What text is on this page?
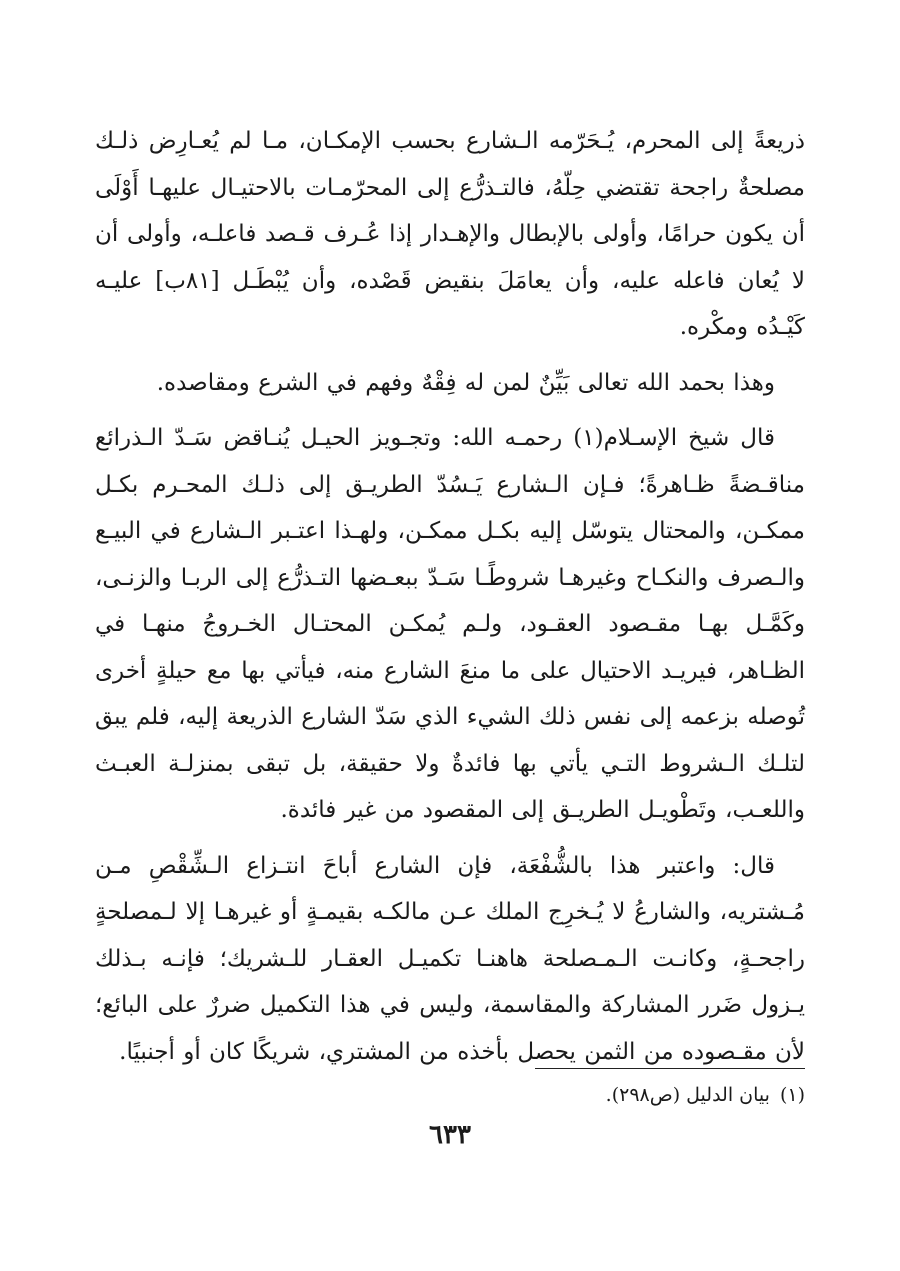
ذريعةً إلى المحرم، يُـحَرّمه الـشارع بحسب الإمكـان، مـا لم يُعـارِض ذلـك مصلحةٌ راجحة تقتضي حِلّهُ، فالتـذرُّع إلى المحرّمـات بالاحتيـال عليهـا أَوْلَى أن يكون حرامًا، وأولى بالإبطال والإهـدار إذا عُـرف قـصد فاعلـه، وأولى أن لا يُعان فاعله عليه، وأن يعامَلَ بنقيض قَصْده، وأن يُبْطَـل [٨١ب] عليـه كَيْـدُه ومكْره.

وهذا بحمد الله تعالى بَيِّنٌ لمن له فِقْهٌ وفهم في الشرع ومقاصده.

قال شيخ الإسـلام(١) رحمـه الله: وتجـويز الحيـل يُنـاقض سَـدّ الـذرائع مناقـضةً ظـاهرةً؛ فـإن الـشارع يَـسُدّ الطريـق إلى ذلـك المحـرم بكـل ممكـن، والمحتال يتوسّل إليه بكـل ممكـن، ولهـذا اعتـبر الـشارع في البيـع والـصرف والنكـاح وغيرهـا شروطًـا سَـدّ ببعـضها التـذرُّع إلى الربـا والزنـى، وكَمَّـل بهـا مقـصود العقـود، ولـم يُمكـن المحتـال الخـروجُ منهـا في الظـاهر، فيريـد الاحتيال على ما منعَ الشارع منه، فيأتي بها مع حيلةٍ أخرى تُوصله بزعمه إلى نفس ذلك الشيء الذي سَدّ الشارع الذريعة إليه، فلم يبق لتلـك الـشروط التـي يأتي بها فائدةٌ ولا حقيقة، بل تبقى بمنزلـة العبـث واللعـب، وتَطْويـل الطريـق إلى المقصود من غير فائدة.

قال: واعتبر هذا بالشُّفْعَة، فإن الشارع أباحَ انتـزاع الـشِّقْصِ مـن مُـشتريه، والشارعُ لا يُـخرِج الملك عـن مالكـه بقيمـةٍ أو غيرهـا إلا لـمصلحةٍ راجحـةٍ، وكانـت الـمـصلحة هاهنـا تكميـل العقـار للـشريك؛ فإنـه بـذلك يـزول ضَرر المشاركة والمقاسمة، وليس في هذا التكميل ضررٌ على البائع؛ لأن مقـصوده من الثمن يحصل بأخذه من المشتري، شريكًا كان أو أجنبيًا.

(١)بيان الدليل (ص٢٩٨).
٦٣٣
